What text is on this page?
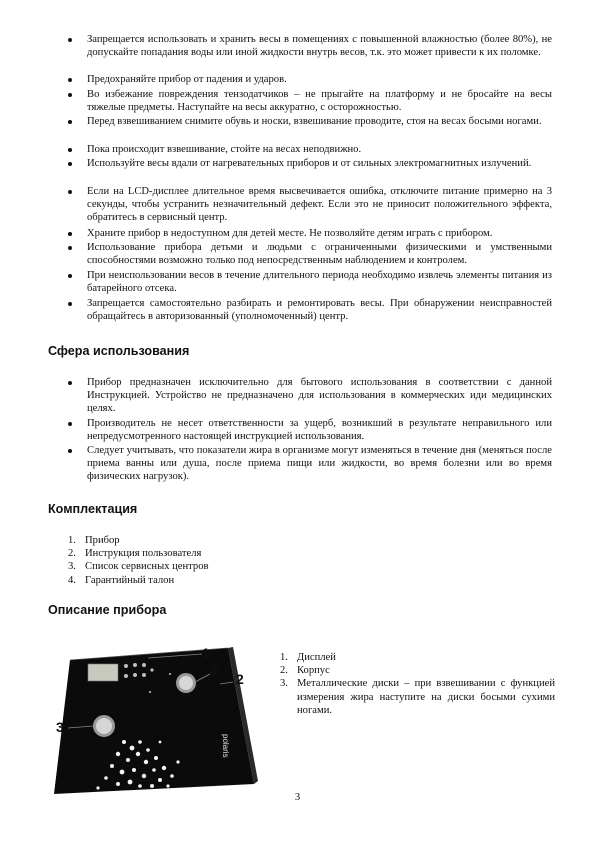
Запрещается использовать и хранить весы в помещениях с повышенной влажностью (более 80%), не допускайте попадания воды или иной жидкости внутрь весов, т.к. это может привести к их поломке.
Предохраняйте прибор от падения и ударов.
Во избежание повреждения тензодатчиков – не прыгайте на платформу и не бросайте на весы тяжелые предметы. Наступайте на весы аккуратно, с осторожностью.
Перед взвешиванием снимите обувь и носки, взвешивание проводите, стоя на весах босыми ногами.
Пока происходит взвешивание, стойте на весах неподвижно.
Используйте весы вдали от нагревательных приборов и от сильных электромагнитных излучений.
Если на LCD-дисплее длительное время высвечивается ошибка, отключите питание примерно на 3 секунды, чтобы устранить незначительный дефект. Если это не приносит положительного эффекта, обратитесь в сервисный центр.
Храните прибор в недоступном для детей месте. Не позволяйте детям играть с прибором.
Использование прибора детьми и людьми с ограниченными физическими и умственными способностями возможно только под непосредственным наблюдением и контролем.
При неиспользовании весов в течение длительного периода необходимо извлечь элементы питания из батарейного отсека.
Запрещается самостоятельно разбирать и ремонтировать весы. При обнаружении неисправностей обращайтесь в авторизованный (уполномоченный) центр.
Сфера использования
Прибор предназначен исключительно для бытового использования в соответствии с данной Инструкцией. Устройство не предназначено для использования в коммерческих иди медицинских целях.
Производитель не несет ответственности за ущерб, возникший в результате неправильного или непредусмотренного настоящей инструкцией использования.
Следует учитывать, что показатели жира в организме могут изменяться в течение дня (меняться после приема ванны или душа, после приема пищи или жидкости, во время болезни или во время физических нагрузок).
Комплектация
1. Прибор
2. Инструкция пользователя
3. Список сервисных центров
4. Гарантийный талон
Описание прибора
polaris
1
2
3
3
1. Дисплей
2. Корпус
3. Металлические диски – при взвешивании с функцией измерения жира наступите на диски босыми сухими ногами.
3
